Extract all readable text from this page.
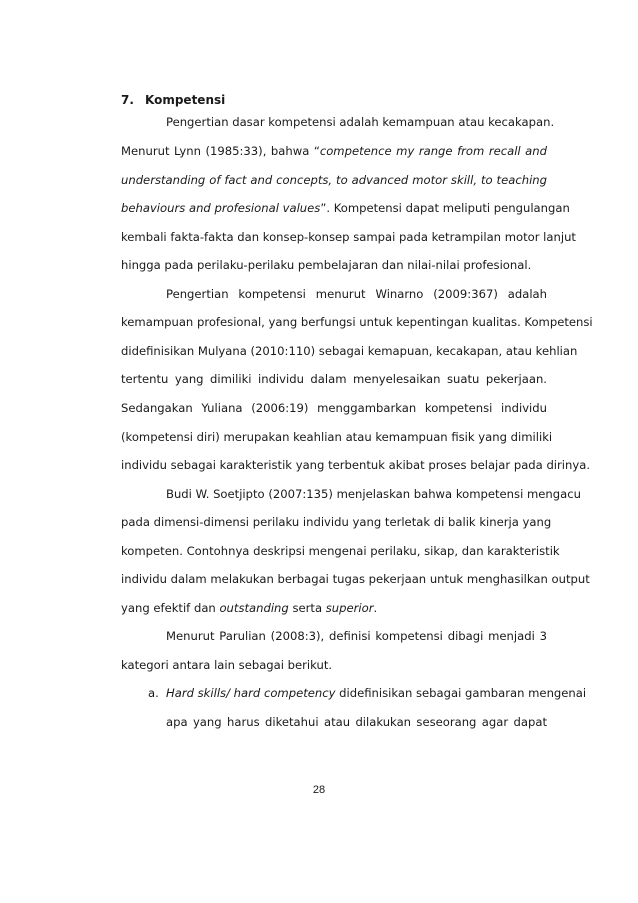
7. Kompetensi
Pengertian dasar kompetensi adalah kemampuan atau kecakapan.
Menurut Lynn (1985:33), bahwa “competence my range from recall and
understanding of fact and concepts, to advanced motor skill, to teaching
behaviours and profesional values”. Kompetensi dapat meliputi pengulangan
kembali fakta-fakta dan konsep-konsep sampai pada ketrampilan motor lanjut
hingga pada perilaku-perilaku pembelajaran dan nilai-nilai profesional.
Pengertian kompetensi menurut Winarno (2009:367) adalah
kemampuan profesional, yang berfungsi untuk kepentingan kualitas. Kompetensi
didefinisikan Mulyana (2010:110) sebagai kemapuan, kecakapan, atau kehlian
tertentu yang dimiliki individu dalam menyelesaikan suatu pekerjaan.
Sedangakan Yuliana (2006:19) menggambarkan kompetensi individu
(kompetensi diri) merupakan keahlian atau kemampuan fisik yang dimiliki
individu sebagai karakteristik yang terbentuk akibat proses belajar pada dirinya.
Budi W. Soetjipto (2007:135) menjelaskan bahwa kompetensi mengacu
pada dimensi-dimensi perilaku individu yang terletak di balik kinerja yang
kompeten. Contohnya deskripsi mengenai perilaku, sikap, dan karakteristik
individu dalam melakukan berbagai tugas pekerjaan untuk menghasilkan output
yang efektif dan outstanding serta superior.
Menurut Parulian (2008:3), definisi kompetensi dibagi menjadi 3
kategori antara lain sebagai berikut.
a. Hard skills/ hard competency didefinisikan sebagai gambaran mengenai
apa yang harus diketahui atau dilakukan seseorang agar dapat
28
